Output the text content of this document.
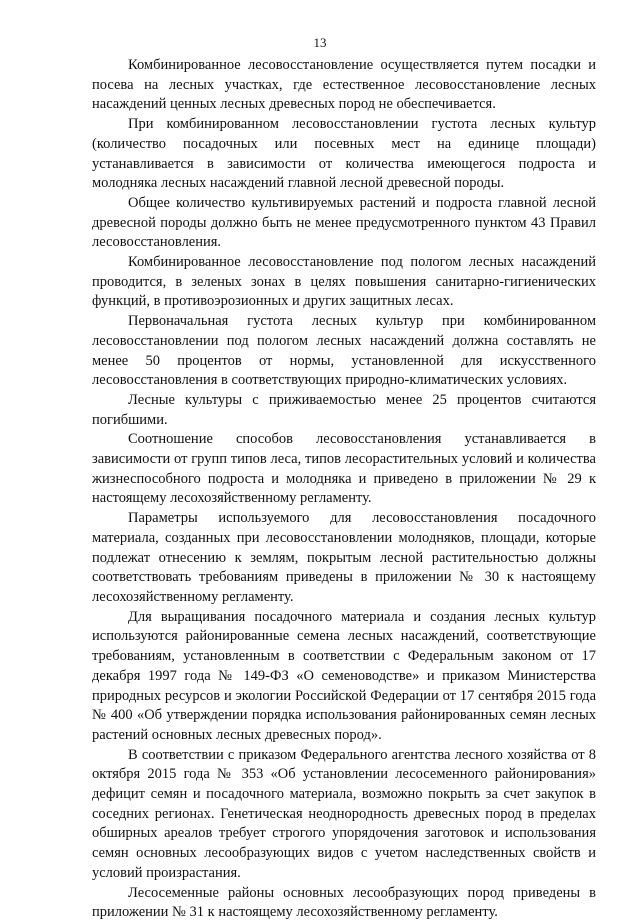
13

Комбинированное лесовосстановление осуществляется путем посадки и посева на лесных участках, где естественное лесовосстановление лесных насаждений ценных лесных древесных пород не обеспечивается.

При комбинированном лесовосстановлении густота лесных культур (количество посадочных или посевных мест на единице площади) устанавливается в зависимости от количества имеющегося подроста и молодняка лесных насаждений главной лесной древесной породы.

Общее количество культивируемых растений и подроста главной лесной древесной породы должно быть не менее предусмотренного пунктом 43 Правил лесовосстановления.

Комбинированное лесовосстановление под пологом лесных насаждений проводится, в зеленых зонах в целях повышения санитарно-гигиенических функций, в противоэрозионных и других защитных лесах.

Первоначальная густота лесных культур при комбинированном лесовосстановлении под пологом лесных насаждений должна составлять не менее 50 процентов от нормы, установленной для искусственного лесовосстановления в соответствующих природно-климатических условиях.

Лесные культуры с приживаемостью менее 25 процентов считаются погибшими.

Соотношение способов лесовосстановления устанавливается в зависимости от групп типов леса, типов лесорастительных условий и количества жизнеспособного подроста и молодняка и приведено в приложении № 29 к настоящему лесохозяйственному регламенту.

Параметры используемого для лесовосстановления посадочного материала, созданных при лесовосстановлении молодняков, площади, которые подлежат отнесению к землям, покрытым лесной растительностью должны соответствовать требованиям приведены в приложении № 30 к настоящему лесохозяйственному регламенту.

Для выращивания посадочного материала и создания лесных культур используются районированные семена лесных насаждений, соответствующие требованиям, установленным в соответствии с Федеральным законом от 17 декабря 1997 года № 149-ФЗ «О семеноводстве» и приказом Министерства природных ресурсов и экологии Российской Федерации от 17 сентября 2015 года № 400 «Об утверждении порядка использования районированных семян лесных растений основных лесных древесных пород».

В соответствии с приказом Федерального агентства лесного хозяйства от 8 октября 2015 года № 353 «Об установлении лесосеменного районирования» дефицит семян и посадочного материала, возможно покрыть за счет закупок в соседних регионах. Генетическая неоднородность древесных пород в пределах обширных ареалов требует строгого упорядочения заготовок и использования семян основных лесообразующих видов с учетом наследственных свойств и условий произрастания.

Лесосеменные районы основных лесообразующих пород приведены в приложении № 31 к настоящему лесохозяйственному регламенту.
